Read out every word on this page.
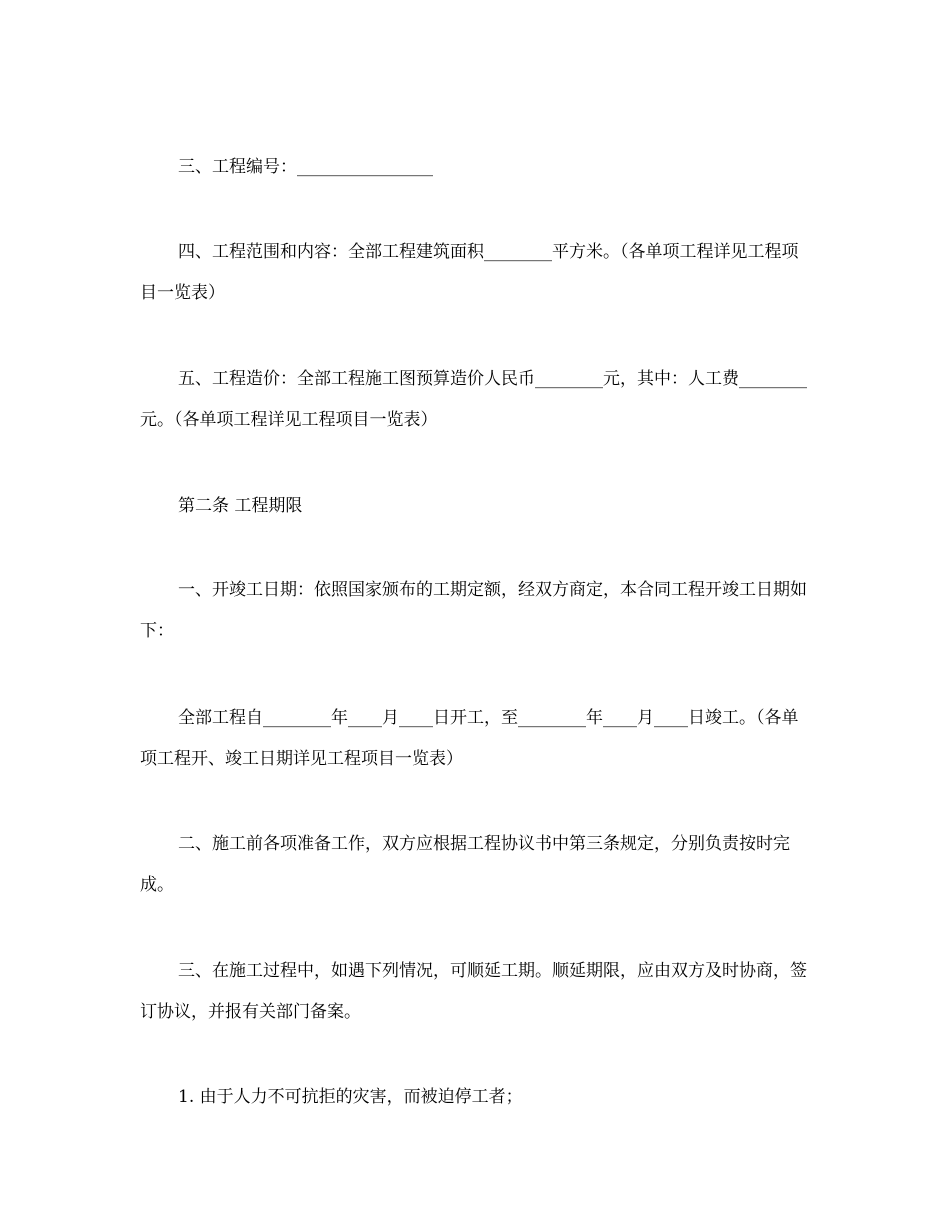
三、工程编号：________________

四、工程范围和内容：全部工程建筑面积________平方米。（各单项工程详见工程项目一览表）

五、工程造价：全部工程施工图预算造价人民币________元，其中：人工费________元。（各单项工程详见工程项目一览表）

第二条 工程期限

一、开竣工日期：依照国家颁布的工期定额，经双方商定，本合同工程开竣工日期如下：

全部工程自________年____月____日开工，至________年____月____日竣工。（各单项工程开、竣工日期详见工程项目一览表）

二、施工前各项准备工作，双方应根据工程协议书中第三条规定，分别负责按时完成。

三、在施工过程中，如遇下列情况，可顺延工期。顺延期限，应由双方及时协商，签订协议，并报有关部门备案。

1. 由于人力不可抗拒的灾害，而被迫停工者；
